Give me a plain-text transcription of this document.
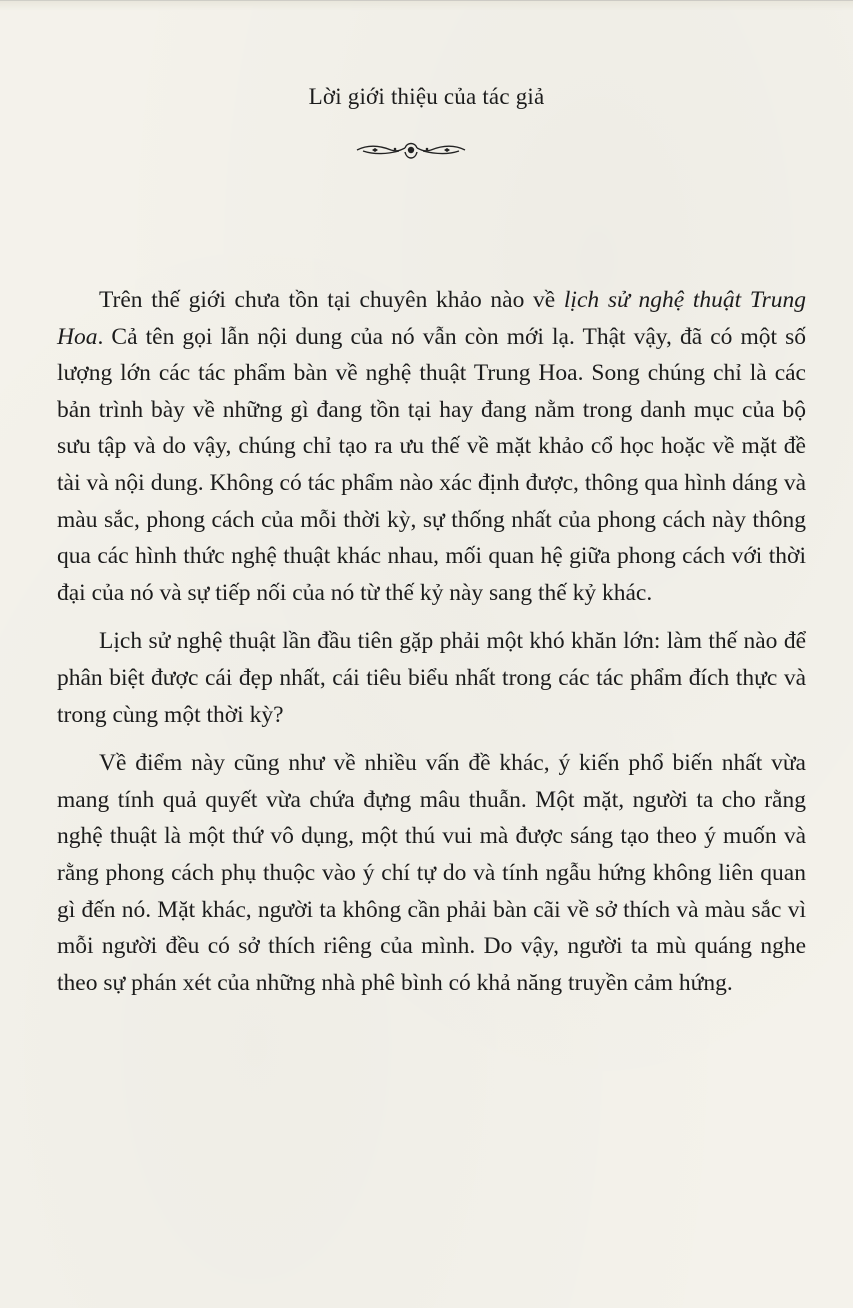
Lời giới thiệu của tác giả

Trên thế giới chưa tồn tại chuyên khảo nào về lịch sử nghệ thuật Trung Hoa. Cả tên gọi lẫn nội dung của nó vẫn còn mới lạ. Thật vậy, đã có một số lượng lớn các tác phẩm bàn về nghệ thuật Trung Hoa. Song chúng chỉ là các bản trình bày về những gì đang tồn tại hay đang nằm trong danh mục của bộ sưu tập và do vậy, chúng chỉ tạo ra ưu thế về mặt khảo cổ học hoặc về mặt đề tài và nội dung. Không có tác phẩm nào xác định được, thông qua hình dáng và màu sắc, phong cách của mỗi thời kỳ, sự thống nhất của phong cách này thông qua các hình thức nghệ thuật khác nhau, mối quan hệ giữa phong cách với thời đại của nó và sự tiếp nối của nó từ thế kỷ này sang thế kỷ khác.

Lịch sử nghệ thuật lần đầu tiên gặp phải một khó khăn lớn: làm thế nào để phân biệt được cái đẹp nhất, cái tiêu biểu nhất trong các tác phẩm đích thực và trong cùng một thời kỳ?

Về điểm này cũng như về nhiều vấn đề khác, ý kiến phổ biến nhất vừa mang tính quả quyết vừa chứa đựng mâu thuẫn. Một mặt, người ta cho rằng nghệ thuật là một thứ vô dụng, một thú vui mà được sáng tạo theo ý muốn và rằng phong cách phụ thuộc vào ý chí tự do và tính ngẫu hứng không liên quan gì đến nó. Mặt khác, người ta không cần phải bàn cãi về sở thích và màu sắc vì mỗi người đều có sở thích riêng của mình. Do vậy, người ta mù quáng nghe theo sự phán xét của những nhà phê bình có khả năng truyền cảm hứng.
